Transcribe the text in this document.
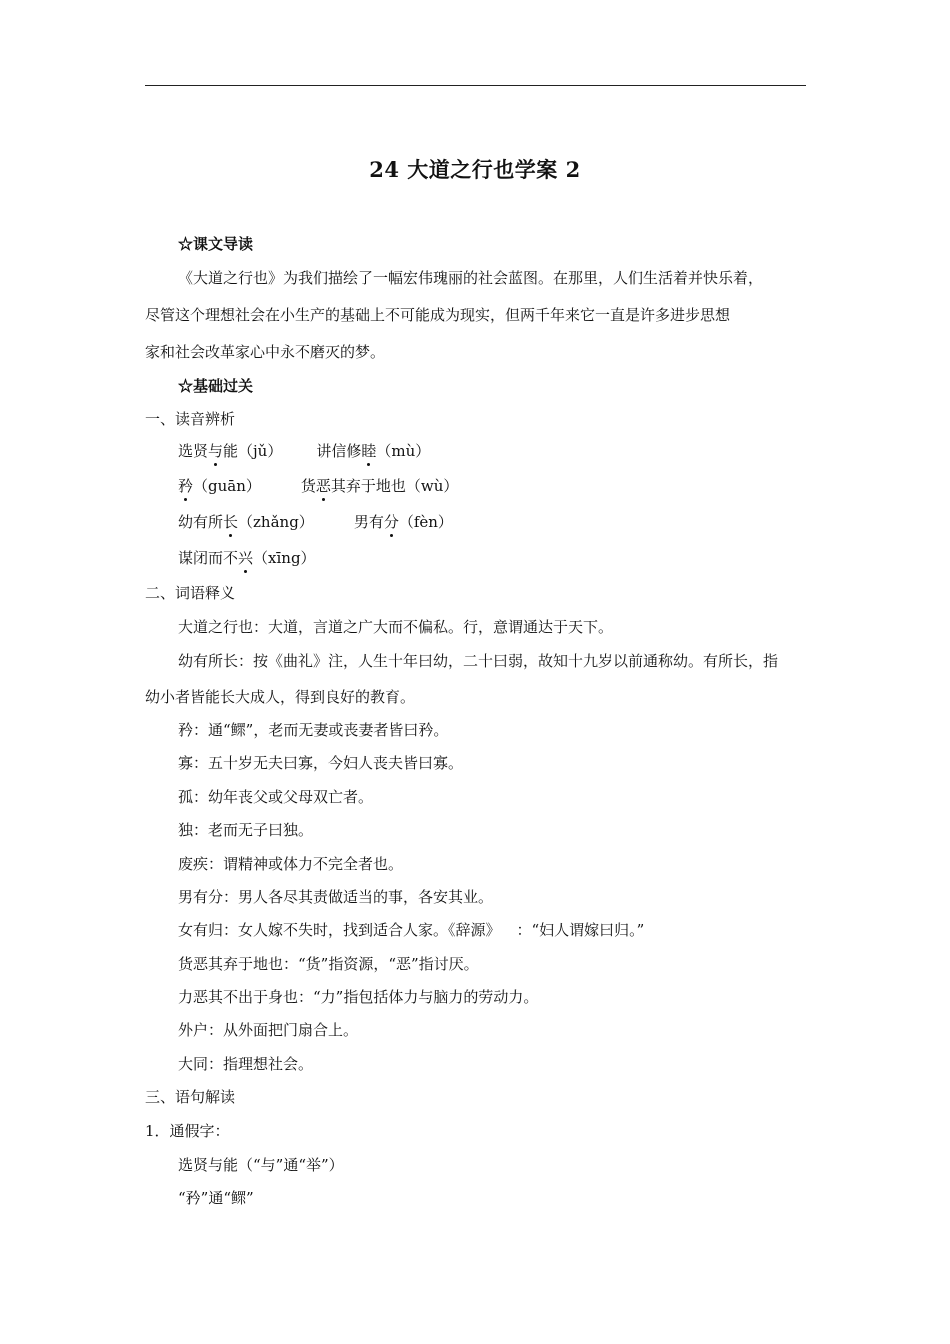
24 大道之行也学案 2
☆课文导读
《大道之行也》为我们描绘了一幅宏伟瑰丽的社会蓝图。在那里，人们生活着并快乐着，
尽管这个理想社会在小生产的基础上不可能成为现实，但两千年来它一直是许多进步思想
家和社会改革家心中永不磨灭的梦。
☆基础过关
一、读音辨析
选贤与能（jǔ） 讲信修睦（mù）
矜（guān）	货恶其弃于地也（wù）
幼有所长（zhǎng）	男有分（fèn）
谋闭而不兴（xīng）
二、词语释义
大道之行也：大道，言道之广大而不偏私。行，意谓通达于天下。
幼有所长：按《曲礼》注，人生十年曰幼，二十曰弱，故知十九岁以前通称幼。有所长，指
幼小者皆能长大成人，得到良好的教育。
矜：通“鳏”，老而无妻或丧妻者皆曰矜。
寡：五十岁无夫曰寡，今妇人丧夫皆曰寡。
孤：幼年丧父或父母双亡者。
独：老而无子曰独。
废疾：谓精神或体力不完全者也。
男有分：男人各尽其责做适当的事，各安其业。
女有归：女人嫁不失时，找到适合人家。《辞源》 ：“妇人谓嫁曰归。”
货恶其弃于地也：“货”指资源，“恶”指讨厌。
力恶其不出于身也：“力”指包括体力与脑力的劳动力。
外户：从外面把门扇合上。
大同：指理想社会。
三、语句解读
1．通假字：
选贤与能（“与”通“举”）
“矜”通“鳏”
